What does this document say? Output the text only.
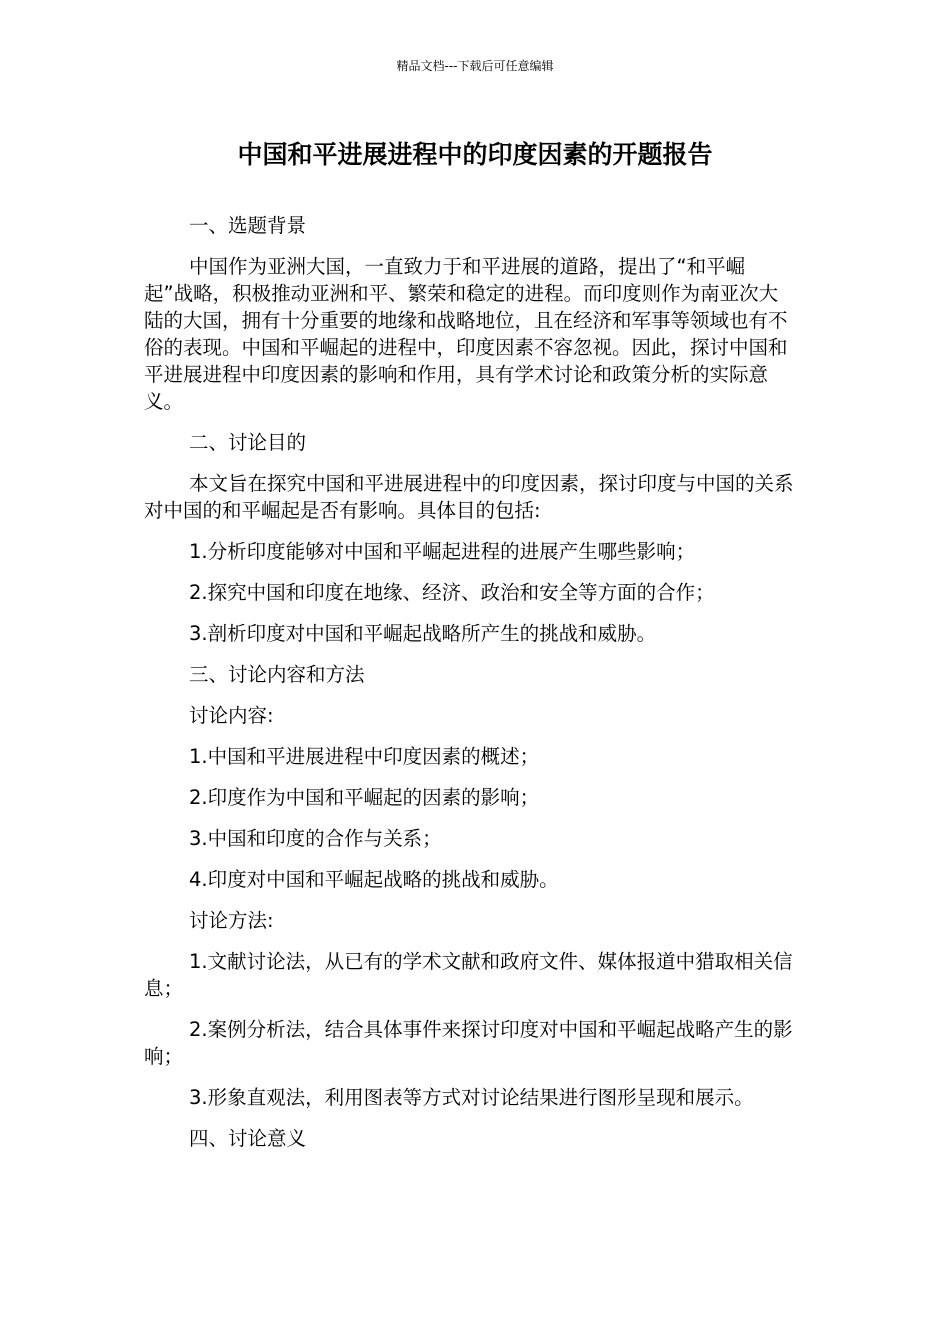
精品文档---下载后可任意编辑
中国和平进展进程中的印度因素的开题报告

一、选题背景

中国作为亚洲大国，一直致力于和平进展的道路，提出了“和平崛起”战略，积极推动亚洲和平、繁荣和稳定的进程。而印度则作为南亚次大陆的大国，拥有十分重要的地缘和战略地位，且在经济和军事等领域也有不俗的表现。中国和平崛起的进程中，印度因素不容忽视。因此，探讨中国和平进展进程中印度因素的影响和作用，具有学术讨论和政策分析的实际意义。

二、讨论目的

本文旨在探究中国和平进展进程中的印度因素，探讨印度与中国的关系对中国的和平崛起是否有影响。具体目的包括:

1.分析印度能够对中国和平崛起进程的进展产生哪些影响；

2.探究中国和印度在地缘、经济、政治和安全等方面的合作；

3.剖析印度对中国和平崛起战略所产生的挑战和威胁。

三、讨论内容和方法

讨论内容:

1.中国和平进展进程中印度因素的概述；

2.印度作为中国和平崛起的因素的影响；

3.中国和印度的合作与关系；

4.印度对中国和平崛起战略的挑战和威胁。

讨论方法:

1.文献讨论法，从已有的学术文献和政府文件、媒体报道中猎取相关信息；

2.案例分析法，结合具体事件来探讨印度对中国和平崛起战略产生的影响；

3.形象直观法，利用图表等方式对讨论结果进行图形呈现和展示。

四、讨论意义
